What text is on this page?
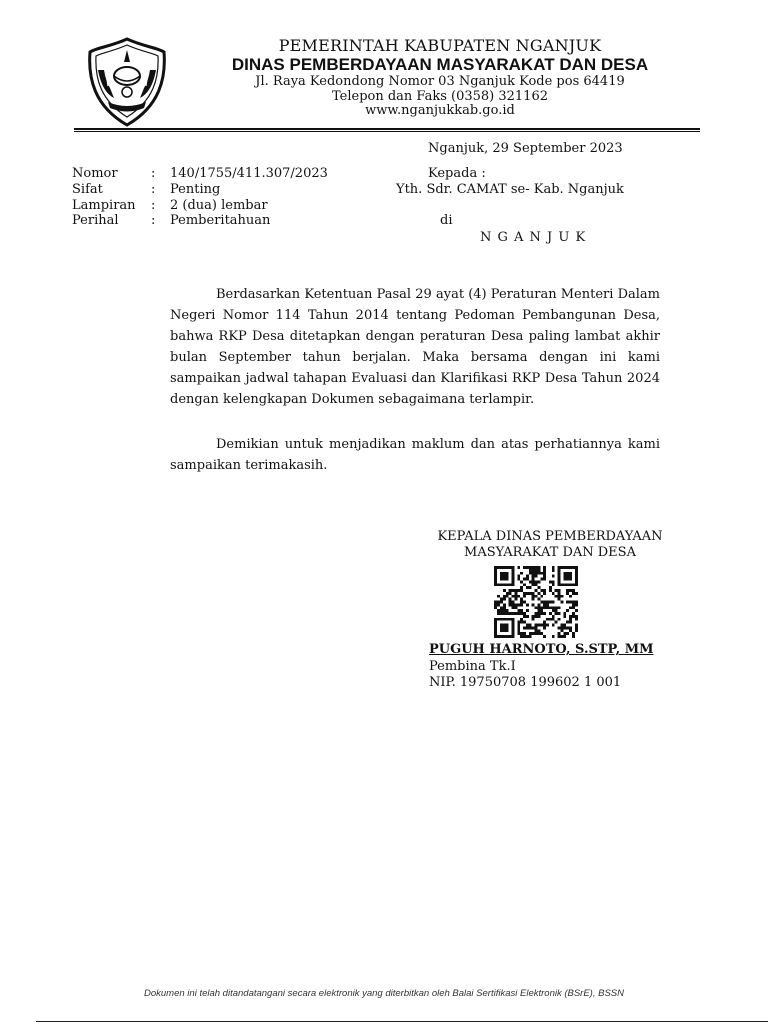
PEMERINTAH KABUPATEN NGANJUK
DINAS PEMBERDAYAAN MASYARAKAT DAN DESA
Jl. Raya Kedondong Nomor 03 Nganjuk Kode pos 64419
Telepon dan Faks (0358) 321162
www.nganjukkab.go.id
Nganjuk, 29 September 2023
Nomor	: 140/1755/411.307/2023
Sifat	: Penting
Lampiran : 2 (dua) lembar
Perihal : Pemberitahuan
Kepada :
Yth. Sdr. CAMAT se- Kab. Nganjuk
di
N G A N J U K
Berdasarkan Ketentuan Pasal 29 ayat (4) Peraturan Menteri Dalam Negeri Nomor 114 Tahun 2014 tentang Pedoman Pembangunan Desa, bahwa RKP Desa ditetapkan dengan peraturan Desa paling lambat akhir bulan September tahun berjalan. Maka bersama dengan ini kami sampaikan jadwal tahapan Evaluasi dan Klarifikasi RKP Desa Tahun 2024 dengan kelengkapan Dokumen sebagaimana terlampir.
Demikian untuk menjadikan maklum dan atas perhatiannya kami sampaikan terimakasih.
KEPALA DINAS PEMBERDAYAAN
MASYARAKAT DAN DESA
PUGUH HARNOTO, S.STP, MM
Pembina Tk.I
NIP. 19750708 199602 1 001
Dokumen ini telah ditandatangani secara elektronik yang diterbitkan oleh Balai Sertifikasi Elektronik (BSrE), BSSN
